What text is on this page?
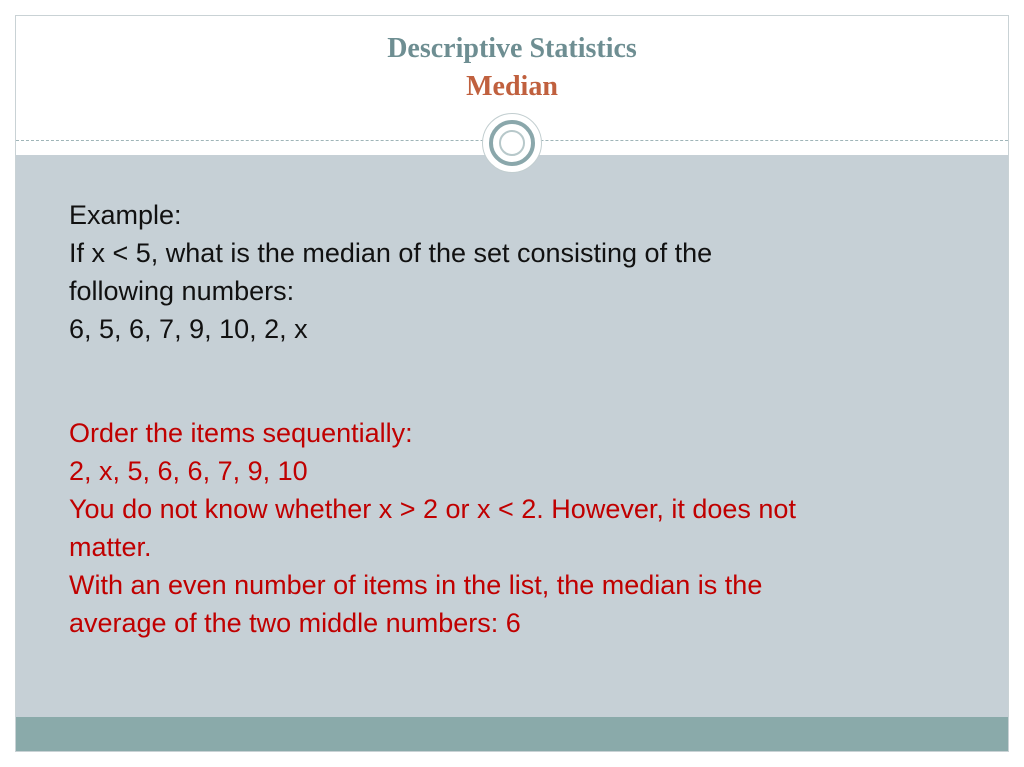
Descriptive Statistics
Median
Example:
If x < 5, what is the median of the set consisting of the
following numbers:
6, 5, 6, 7, 9, 10, 2, x
Order the items sequentially:
2, x, 5, 6, 6, 7, 9, 10
You do not know whether x > 2 or x < 2. However, it does not
matter.
With an even number of items in the list, the median is the
average of the two middle numbers: 6
